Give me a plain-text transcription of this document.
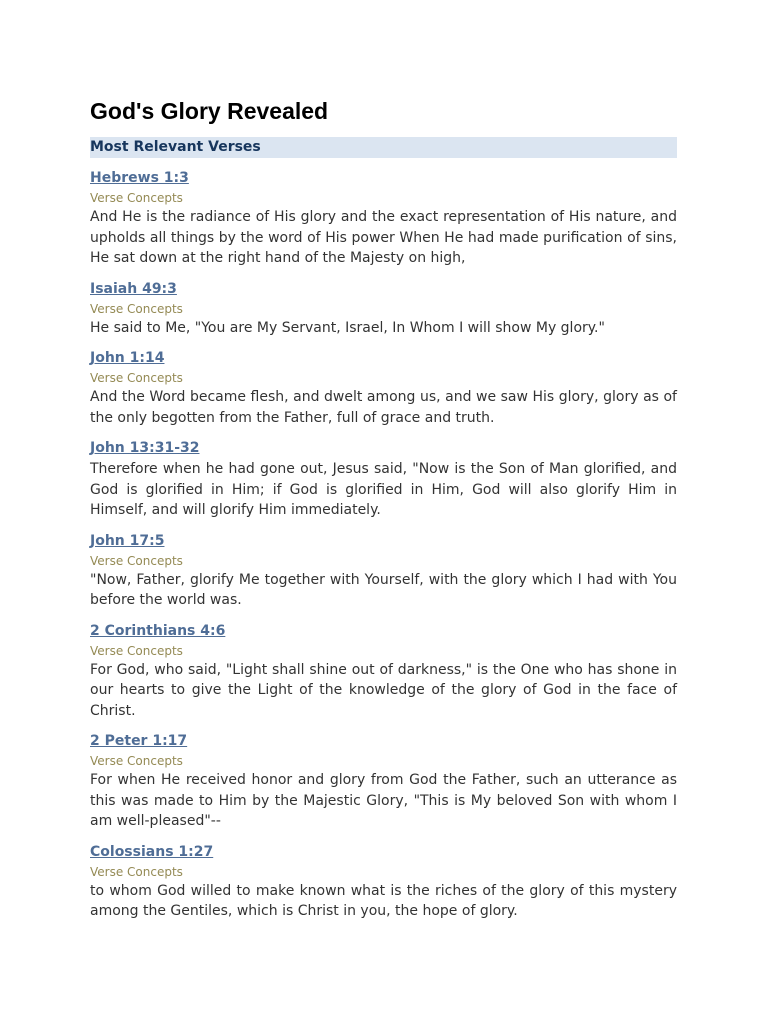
God's Glory Revealed
Most Relevant Verses
Hebrews 1:3
Verse Concepts

And He is the radiance of His glory and the exact representation of His nature, and upholds all things by the word of His power When He had made purification of sins, He sat down at the right hand of the Majesty on high,

Isaiah 49:3
Verse Concepts

He said to Me, "You are My Servant, Israel, In Whom I will show My glory."

John 1:14
Verse Concepts

And the Word became flesh, and dwelt among us, and we saw His glory, glory as of the only begotten from the Father, full of grace and truth.

John 13:31-32

Therefore when he had gone out, Jesus said, "Now is the Son of Man glorified, and God is glorified in Him; if God is glorified in Him, God will also glorify Him in Himself, and will glorify Him immediately.

John 17:5
Verse Concepts

"Now, Father, glorify Me together with Yourself, with the glory which I had with You before the world was.

2 Corinthians 4:6
Verse Concepts

For God, who said, "Light shall shine out of darkness," is the One who has shone in our hearts to give the Light of the knowledge of the glory of God in the face of Christ.

2 Peter 1:17
Verse Concepts

For when He received honor and glory from God the Father, such an utterance as this was made to Him by the Majestic Glory, "This is My beloved Son with whom I am well-pleased"--

Colossians 1:27
Verse Concepts

to whom God willed to make known what is the riches of the glory of this mystery among the Gentiles, which is Christ in you, the hope of glory.
